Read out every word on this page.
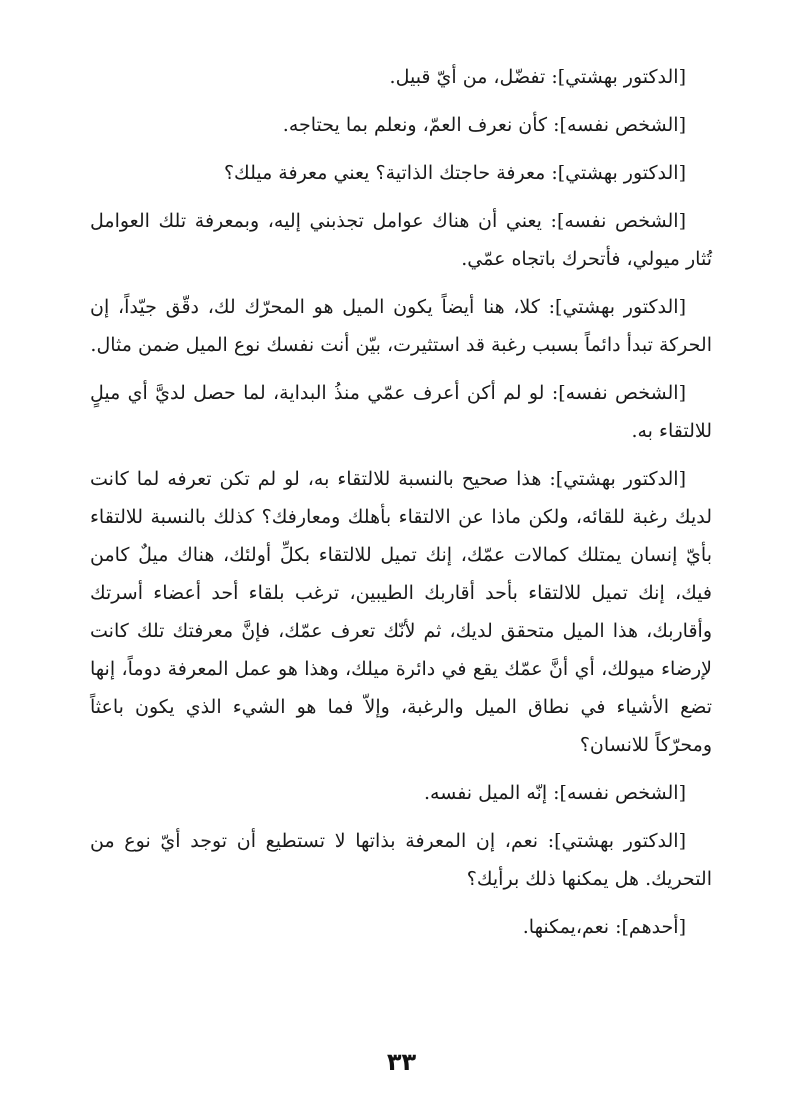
[الدكتور بهشتي]: تفضّل، من أيّ قبيل.

[الشخص نفسه]: كأن نعرف العمّ، ونعلم بما يحتاجه.

[الدكتور بهشتي]: معرفة حاجتك الذاتية؟ يعني معرفة ميلك؟

[الشخص نفسه]: يعني أن هناك عوامل تجذبني إليه، وبمعرفة تلك العوامل تُثار ميولي، فأتحرك باتجاه عمّي.

[الدكتور بهشتي]: كلا، هنا أيضاً يكون الميل هو المحرّك لك، دقّق جيّداً، إن الحركة تبدأ دائماً بسبب رغبة قد استثيرت، بيّن أنت نفسك نوع الميل ضمن مثال.

[الشخص نفسه]: لو لم أكن أعرف عمّي منذُ البداية، لما حصل لديَّ أي ميلٍ للالتقاء به.

[الدكتور بهشتي]: هذا صحيح بالنسبة للالتقاء به، لو لم تكن تعرفه لما كانت لديك رغبة للقائه، ولكن ماذا عن الالتقاء بأهلك ومعارفك؟ كذلك بالنسبة للالتقاء بأيّ إنسان يمتلك كمالات عمّك، إنك تميل للالتقاء بكلِّ أولئك، هناك ميلٌ كامن فيك، إنك تميل للالتقاء بأحد أقاربك الطيبين، ترغب بلقاء أحد أعضاء أسرتك وأقاربك، هذا الميل متحقق لديك، ثم لأنّك تعرف عمّك، فإنَّ معرفتك تلك كانت لإرضاء ميولك، أي أنَّ عمّك يقع في دائرة ميلك، وهذا هو عمل المعرفة دوماً، إنها تضع الأشياء في نطاق الميل والرغبة، وإلاّ فما هو الشيء الذي يكون باعثاً ومحرّكاً للانسان؟

[الشخص نفسه]: إنّه الميل نفسه.

[الدكتور بهشتي]: نعم، إن المعرفة بذاتها لا تستطيع أن توجد أيّ نوع من التحريك. هل يمكنها ذلك برأيك؟

[أحدهم]: نعم،يمكنها.

٣٣
